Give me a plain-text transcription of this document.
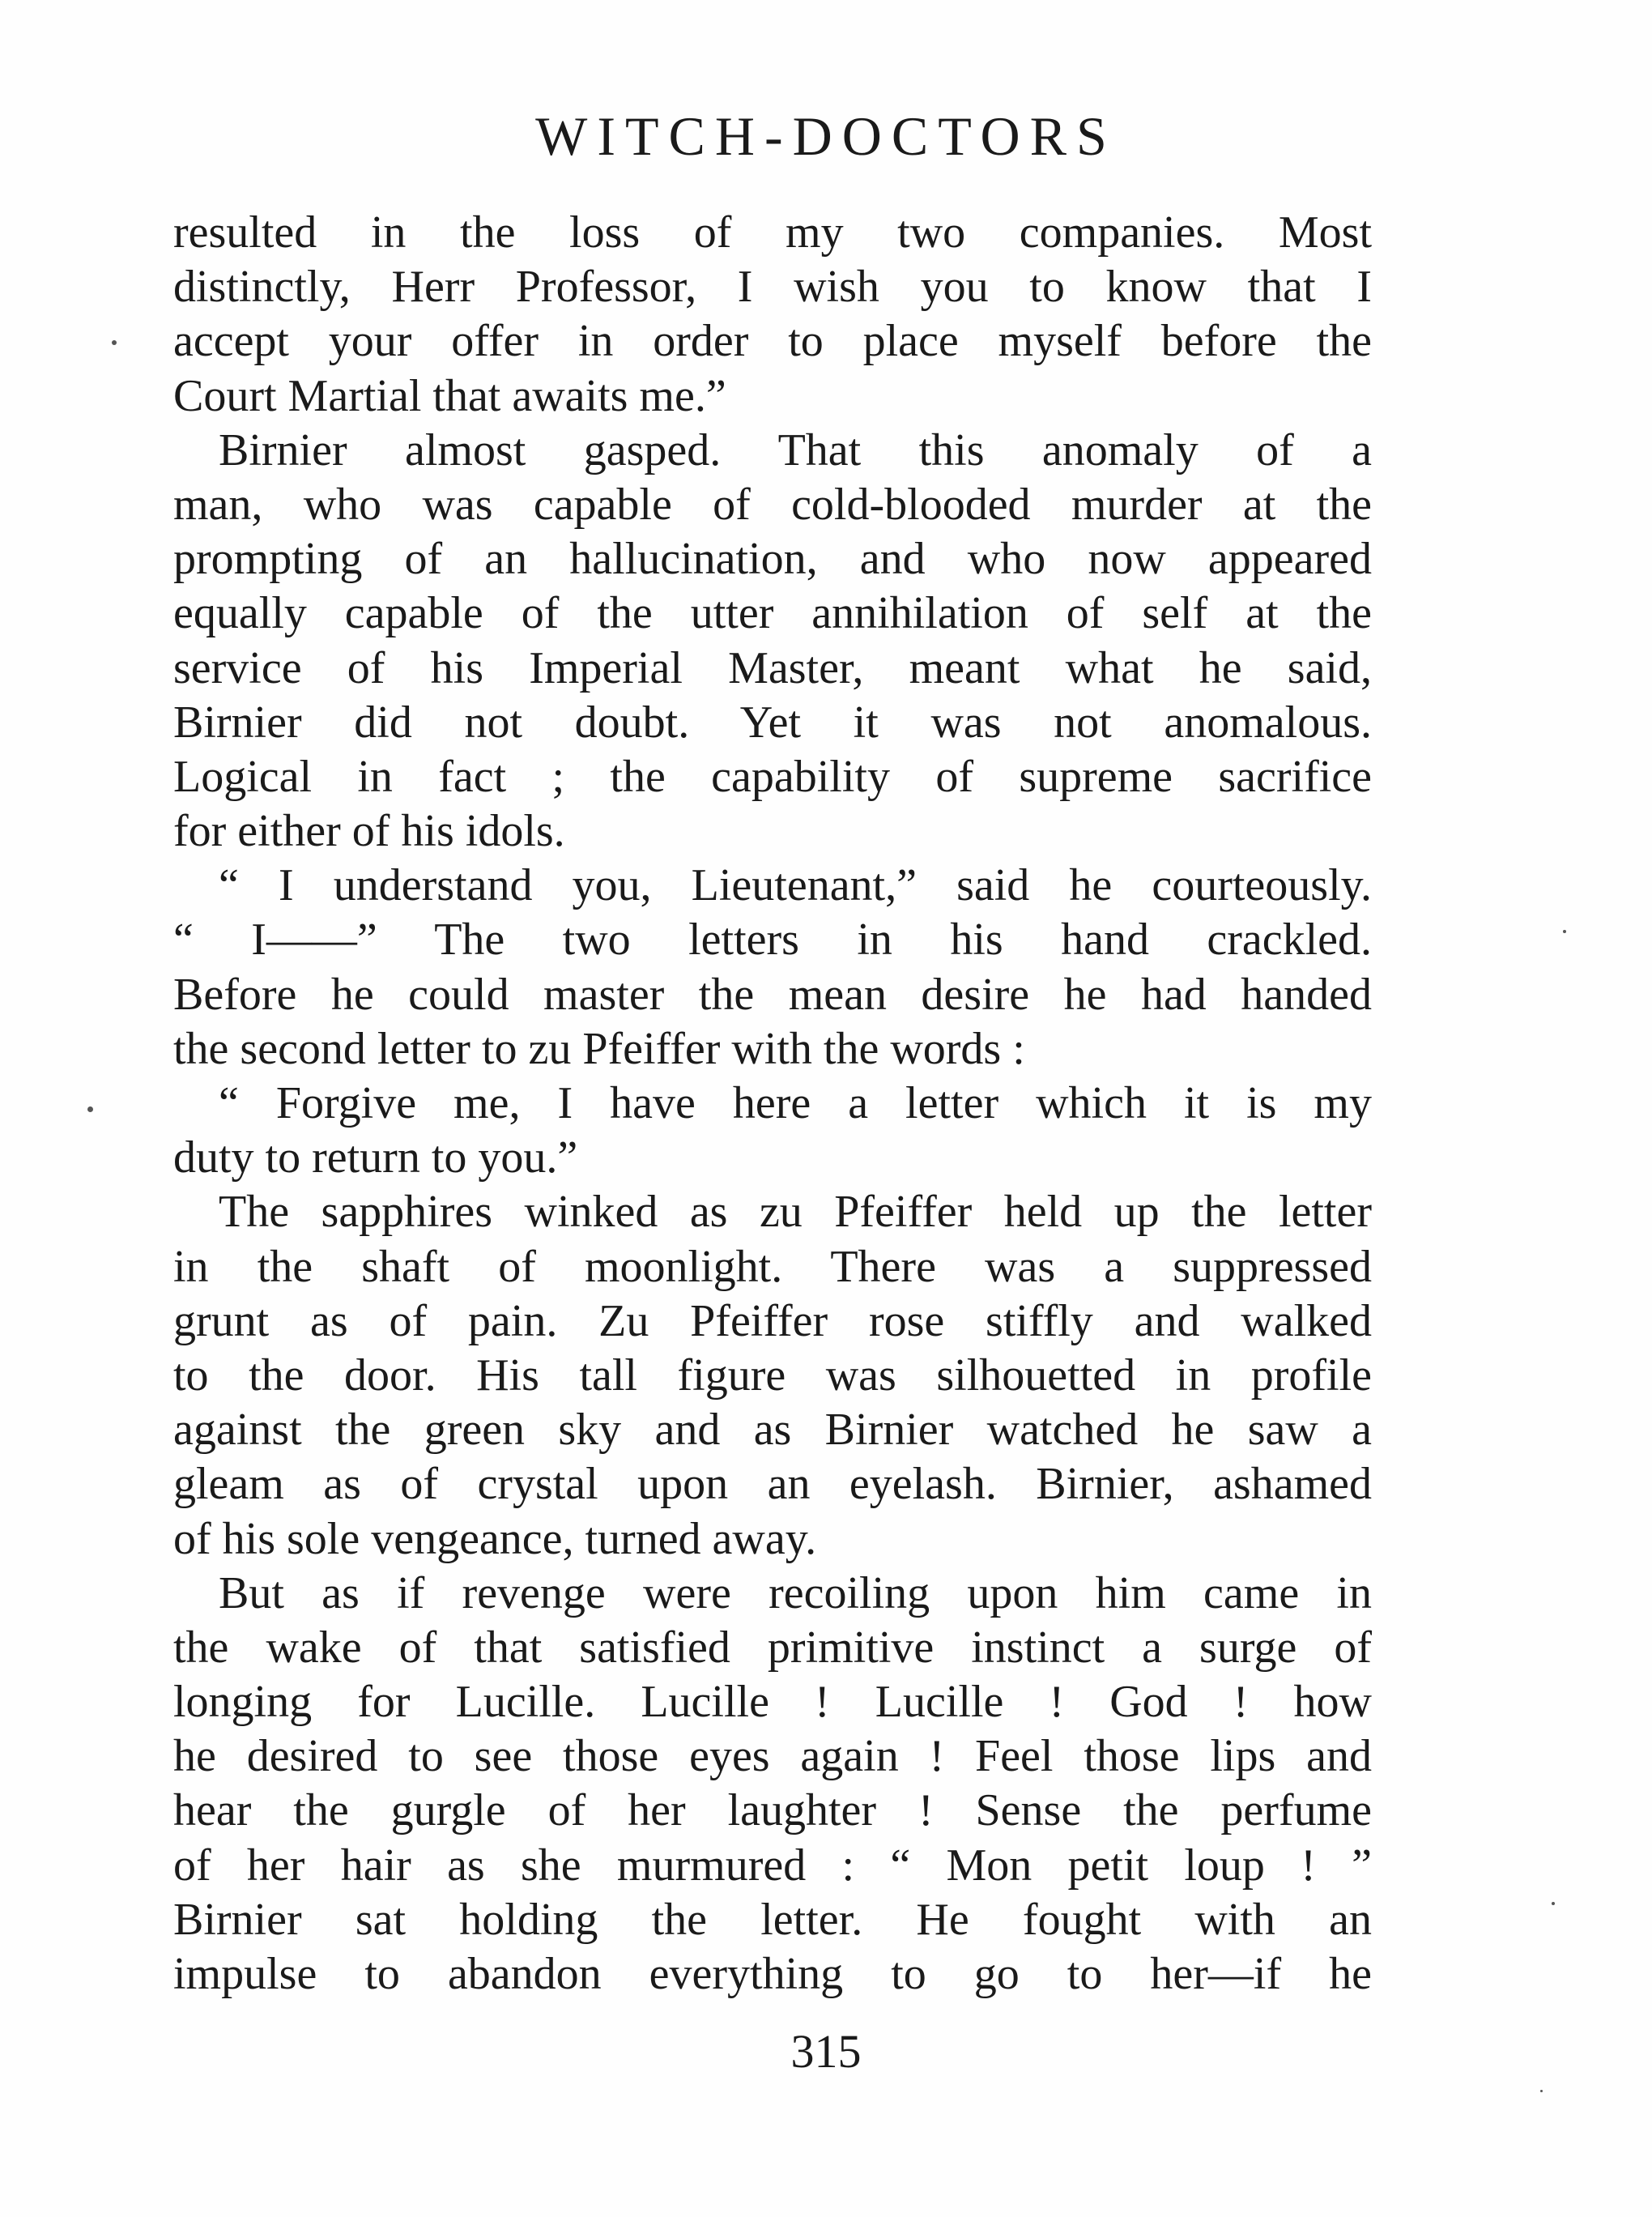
WITCH-DOCTORS
resulted in the loss of my two companies. Most
distinctly, Herr Professor, I wish you to know that I
accept your offer in order to place myself before the
Court Martial that awaits me.”
Birnier almost gasped. That this anomaly of a
man, who was capable of cold-blooded murder at the
prompting of an hallucination, and who now appeared
equally capable of the utter annihilation of self at the
service of his Imperial Master, meant what he said,
Birnier did not doubt. Yet it was not anomalous.
Logical in fact ; the capability of supreme sacrifice
for either of his idols.
“ I understand you, Lieutenant,” said he courteously.
“ I——” The two letters in his hand crackled.
Before he could master the mean desire he had handed
the second letter to zu Pfeiffer with the words :
“ Forgive me, I have here a letter which it is my
duty to return to you.”
The sapphires winked as zu Pfeiffer held up the letter
in the shaft of moonlight. There was a suppressed
grunt as of pain. Zu Pfeiffer rose stiffly and walked
to the door. His tall figure was silhouetted in profile
against the green sky and as Birnier watched he saw a
gleam as of crystal upon an eyelash. Birnier, ashamed
of his sole vengeance, turned away.
But as if revenge were recoiling upon him came in
the wake of that satisfied primitive instinct a surge of
longing for Lucille. Lucille ! Lucille ! God ! how
he desired to see those eyes again ! Feel those lips and
hear the gurgle of her laughter ! Sense the perfume
of her hair as she murmured : “ Mon petit loup ! ”
Birnier sat holding the letter. He fought with an
impulse to abandon everything to go to her—if he
315
